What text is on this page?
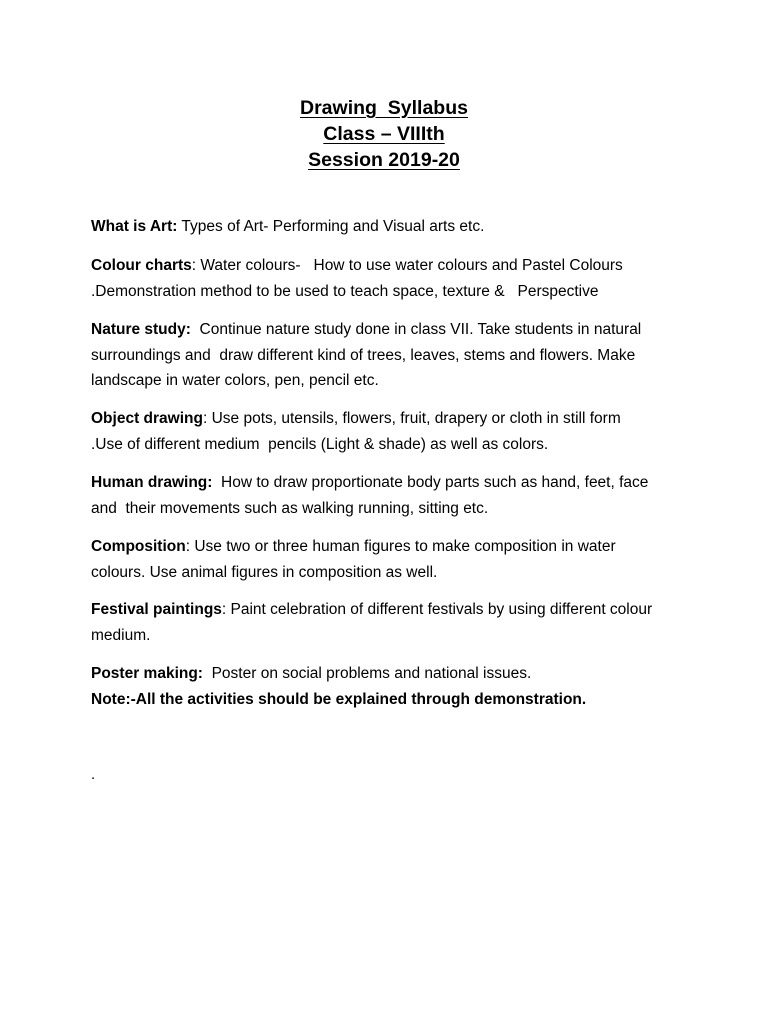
Drawing  Syllabus
Class – VIIIth
Session 2019-20
What is Art: Types of Art- Performing and Visual arts etc.
Colour charts: Water colours-   How to use water colours and Pastel Colours
.Demonstration method to be used to teach space, texture &   Perspective
Nature study:  Continue nature study done in class VII. Take students in natural
surroundings and  draw different kind of trees, leaves, stems and flowers. Make
landscape in water colors, pen, pencil etc.
Object drawing: Use pots, utensils, flowers, fruit, drapery or cloth in still form
.Use of different medium  pencils (Light & shade) as well as colors.
Human drawing:  How to draw proportionate body parts such as hand, feet, face
and  their movements such as walking running, sitting etc.
Composition: Use two or three human figures to make composition in water
colours. Use animal figures in composition as well.
Festival paintings: Paint celebration of different festivals by using different colour
medium.
Poster making:  Poster on social problems and national issues.
Note:-All the activities should be explained through demonstration.
.
